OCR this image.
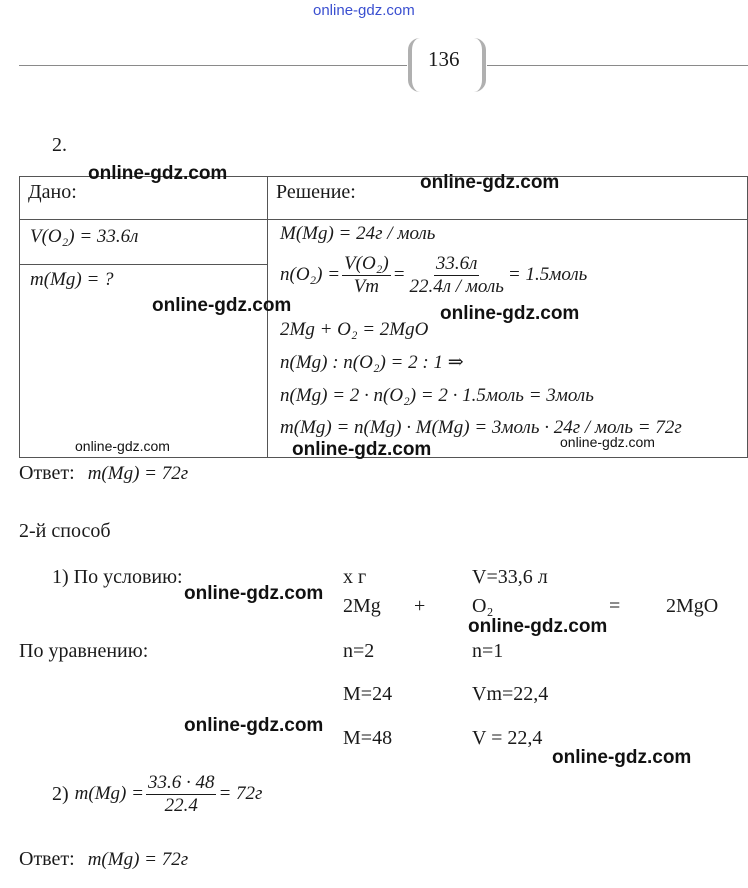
online-gdz.com
136
2.
Дано:	Решение:

V(O₂) = 33.6л

m(Mg) = ?
M(Mg) = 24г / моль
$n(O_2) = \frac{\text{V(O₂)}}{Vm} = \frac{33.6л}{\text{22.4л / моль}}$ = 1.5моль
2Mg + O₂ = 2MgO
n(Mg) : n(O₂) = 2 : 1 ⇒
n(Mg) = 2 · n(O₂) = 2 · 1.5моль = 3моль
m(Mg) = n(Mg) · M(Mg) = 3моль · 24г / моль = 72г
Ответ: m(Mg) = 72г
2-й способ
1) По условию:
По уравнению:
x г	V=33,6 л
2Mg + O₂	= 2MgO
n=2	n=1
M=24	Vm=22,4
M=48	V = 22,4
2) $m(Mg) = \frac{33.6 \cdot 48}{22.4} = 72г$
Ответ: m(Mg) = 72г
online-gdz.com	online-gdz.com
online-gdz.com	online-gdz.com
online-gdz.com	online-gdz.com	online-gdz.com
online-gdz.com
online-gdz.com
online-gdz.com
online-gdz.com
